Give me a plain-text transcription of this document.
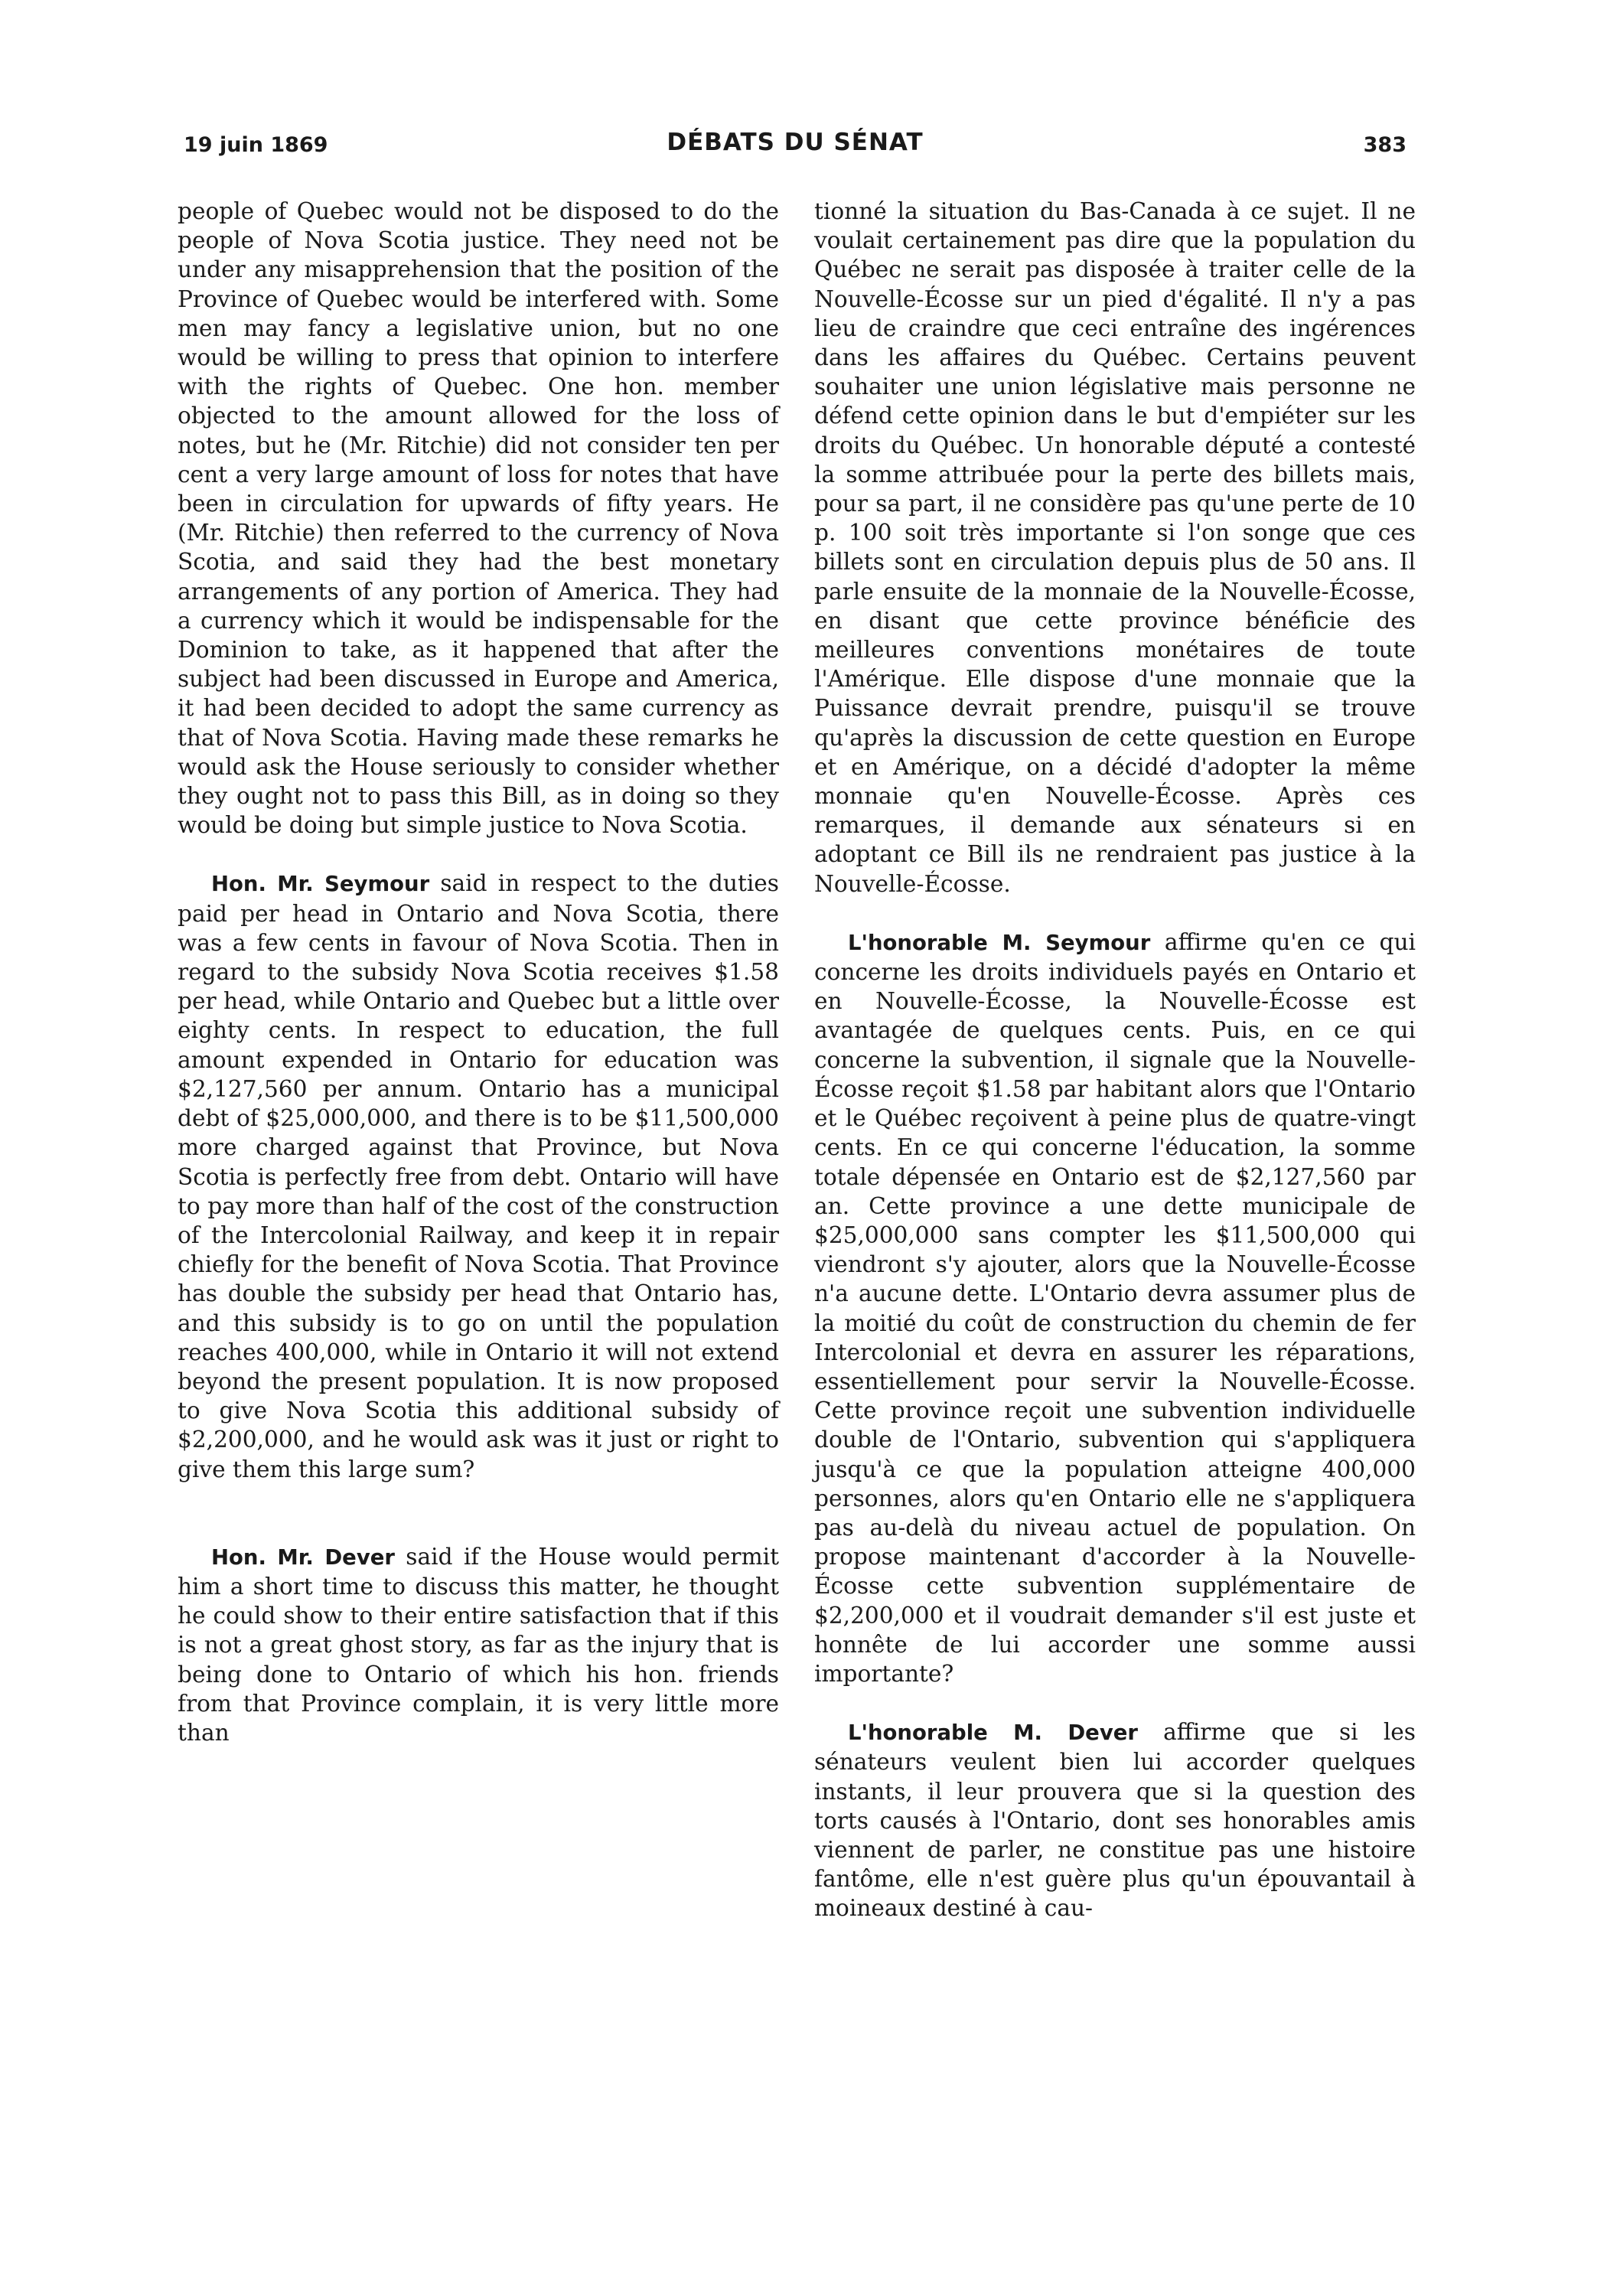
19 juin 1869	DÉBATS DU SÉNAT	383

people of Quebec would not be disposed to do the people of Nova Scotia justice. They need not be under any misapprehension that the position of the Province of Quebec would be interfered with. Some men may fancy a legislative union, but no one would be willing to press that opinion to interfere with the rights of Quebec. One hon. member objected to the amount allowed for the loss of notes, but he (Mr. Ritchie) did not consider ten per cent a very large amount of loss for notes that have been in circulation for upwards of fifty years. He (Mr. Ritchie) then referred to the currency of Nova Scotia, and said they had the best monetary arrangements of any portion of America. They had a currency which it would be indispensable for the Dominion to take, as it happened that after the subject had been discussed in Europe and America, it had been decided to adopt the same currency as that of Nova Scotia. Having made these remarks he would ask the House seriously to consider whether they ought not to pass this Bill, as in doing so they would be doing but simple justice to Nova Scotia.

Hon. Mr. Seymour said in respect to the duties paid per head in Ontario and Nova Scotia, there was a few cents in favour of Nova Scotia. Then in regard to the subsidy Nova Scotia receives $1.58 per head, while Ontario and Quebec but a little over eighty cents. In respect to education, the full amount expended in Ontario for education was $2,127,560 per annum. Ontario has a municipal debt of $25,000,000, and there is to be $11,500,000 more charged against that Province, but Nova Scotia is perfectly free from debt. Ontario will have to pay more than half of the cost of the construction of the Intercolonial Railway, and keep it in repair chiefly for the benefit of Nova Scotia. That Province has double the subsidy per head that Ontario has, and this subsidy is to go on until the population reaches 400,000, while in Ontario it will not extend beyond the present population. It is now proposed to give Nova Scotia this additional subsidy of $2,200,000, and he would ask was it just or right to give them this large sum?

Hon. Mr. Dever said if the House would permit him a short time to discuss this matter, he thought he could show to their entire satisfaction that if this is not a great ghost story, as far as the injury that is being done to Ontario of which his hon. friends from that Province complain, it is very little more than

tionné la situation du Bas-Canada à ce sujet. Il ne voulait certainement pas dire que la population du Québec ne serait pas disposée à traiter celle de la Nouvelle-Écosse sur un pied d'égalité. Il n'y a pas lieu de craindre que ceci entraîne des ingérences dans les affaires du Québec. Certains peuvent souhaiter une union législative mais personne ne défend cette opinion dans le but d'empiéter sur les droits du Québec. Un honorable député a contesté la somme attribuée pour la perte des billets mais, pour sa part, il ne considère pas qu'une perte de 10 p. 100 soit très importante si l'on songe que ces billets sont en circulation depuis plus de 50 ans. Il parle ensuite de la monnaie de la Nouvelle-Écosse, en disant que cette province bénéficie des meilleures conventions monétaires de toute l'Amérique. Elle dispose d'une monnaie que la Puissance devrait prendre, puisqu'il se trouve qu'après la discussion de cette question en Europe et en Amérique, on a décidé d'adopter la même monnaie qu'en Nouvelle-Écosse. Après ces remarques, il demande aux sénateurs si en adoptant ce Bill ils ne rendraient pas justice à la Nouvelle-Écosse.

L'honorable M. Seymour affirme qu'en ce qui concerne les droits individuels payés en Ontario et en Nouvelle-Écosse, la Nouvelle-Écosse est avantagée de quelques cents. Puis, en ce qui concerne la subvention, il signale que la Nouvelle-Écosse reçoit $1.58 par habitant alors que l'Ontario et le Québec reçoivent à peine plus de quatre-vingt cents. En ce qui concerne l'éducation, la somme totale dépensée en Ontario est de $2,127,560 par an. Cette province a une dette municipale de $25,000,000 sans compter les $11,500,000 qui viendront s'y ajouter, alors que la Nouvelle-Écosse n'a aucune dette. L'Ontario devra assumer plus de la moitié du coût de construction du chemin de fer Intercolonial et devra en assurer les réparations, essentiellement pour servir la Nouvelle-Écosse. Cette province reçoit une subvention individuelle double de l'Ontario, subvention qui s'appliquera jusqu'à ce que la population atteigne 400,000 personnes, alors qu'en Ontario elle ne s'appliquera pas au-delà du niveau actuel de population. On propose maintenant d'accorder à la Nouvelle-Écosse cette subvention supplémentaire de $2,200,000 et il voudrait demander s'il est juste et honnête de lui accorder une somme aussi importante?

L'honorable M. Dever affirme que si les sénateurs veulent bien lui accorder quelques instants, il leur prouvera que si la question des torts causés à l'Ontario, dont ses honorables amis viennent de parler, ne constitue pas une histoire fantôme, elle n'est guère plus qu'un épouvantail à moineaux destiné à cau-
